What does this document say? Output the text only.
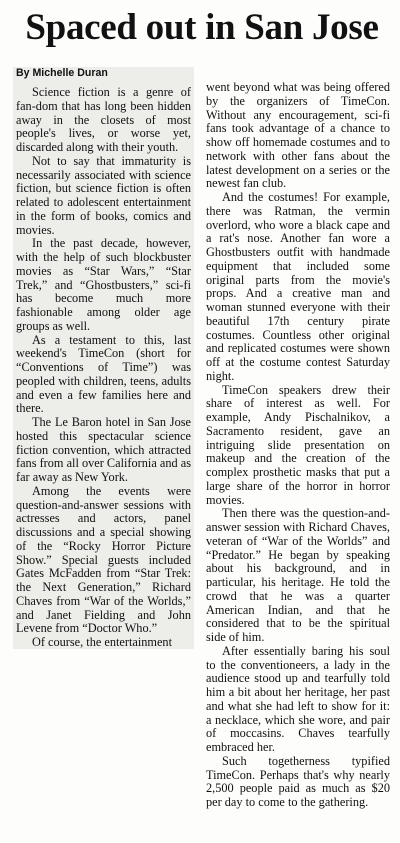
Spaced out in San Jose
By Michelle Duran

Science fiction is a genre of fan-dom that has long been hidden away in the closets of most people's lives, or worse yet, discarded along with their youth.

Not to say that immaturity is necessarily associated with science fiction, but science fiction is often related to adolescent entertainment in the form of books, comics and movies.

In the past decade, however, with the help of such blockbuster movies as “Star Wars,” “Star Trek,” and “Ghostbusters,” sci-fi has become much more fashionable among older age groups as well.

As a testament to this, last weekend's TimeCon (short for “Conventions of Time”) was peopled with children, teens, adults and even a few families here and there.

The Le Baron hotel in San Jose hosted this spectacular science fiction convention, which attracted fans from all over California and as far away as New York.

Among the events were question-and-answer sessions with actresses and actors, panel discussions and a special showing of the “Rocky Horror Picture Show.” Special guests included Gates McFadden from “Star Trek: the Next Generation,” Richard Chaves from “War of the Worlds,” and Janet Fielding and John Levene from “Doctor Who.”

Of course, the entertainment

went beyond what was being offered by the organizers of TimeCon. Without any encouragement, sci-fi fans took advantage of a chance to show off homemade costumes and to network with other fans about the latest development on a series or the newest fan club.

And the costumes! For example, there was Ratman, the vermin overlord, who wore a black cape and a rat's nose. Another fan wore a Ghostbusters outfit with handmade equipment that included some original parts from the movie's props. And a creative man and woman stunned everyone with their beautiful 17th century pirate costumes. Countless other original and replicated costumes were shown off at the costume contest Saturday night.

TimeCon speakers drew their share of interest as well. For example, Andy Pischalnikov, a Sacramento resident, gave an intriguing slide presentation on makeup and the creation of the complex prosthetic masks that put a large share of the horror in horror movies.

Then there was the question-and-answer session with Richard Chaves, veteran of “War of the Worlds” and “Predator.” He began by speaking about his background, and in particular, his heritage. He told the crowd that he was a quarter American Indian, and that he considered that to be the spiritual side of him.

After essentially baring his soul to the conventioneers, a lady in the audience stood up and tearfully told him a bit about her heritage, her past and what she had left to show for it: a necklace, which she wore, and pair of moccasins. Chaves tearfully embraced her.

Such togetherness typified TimeCon. Perhaps that's why nearly 2,500 people paid as much as $20 per day to come to the gathering.
